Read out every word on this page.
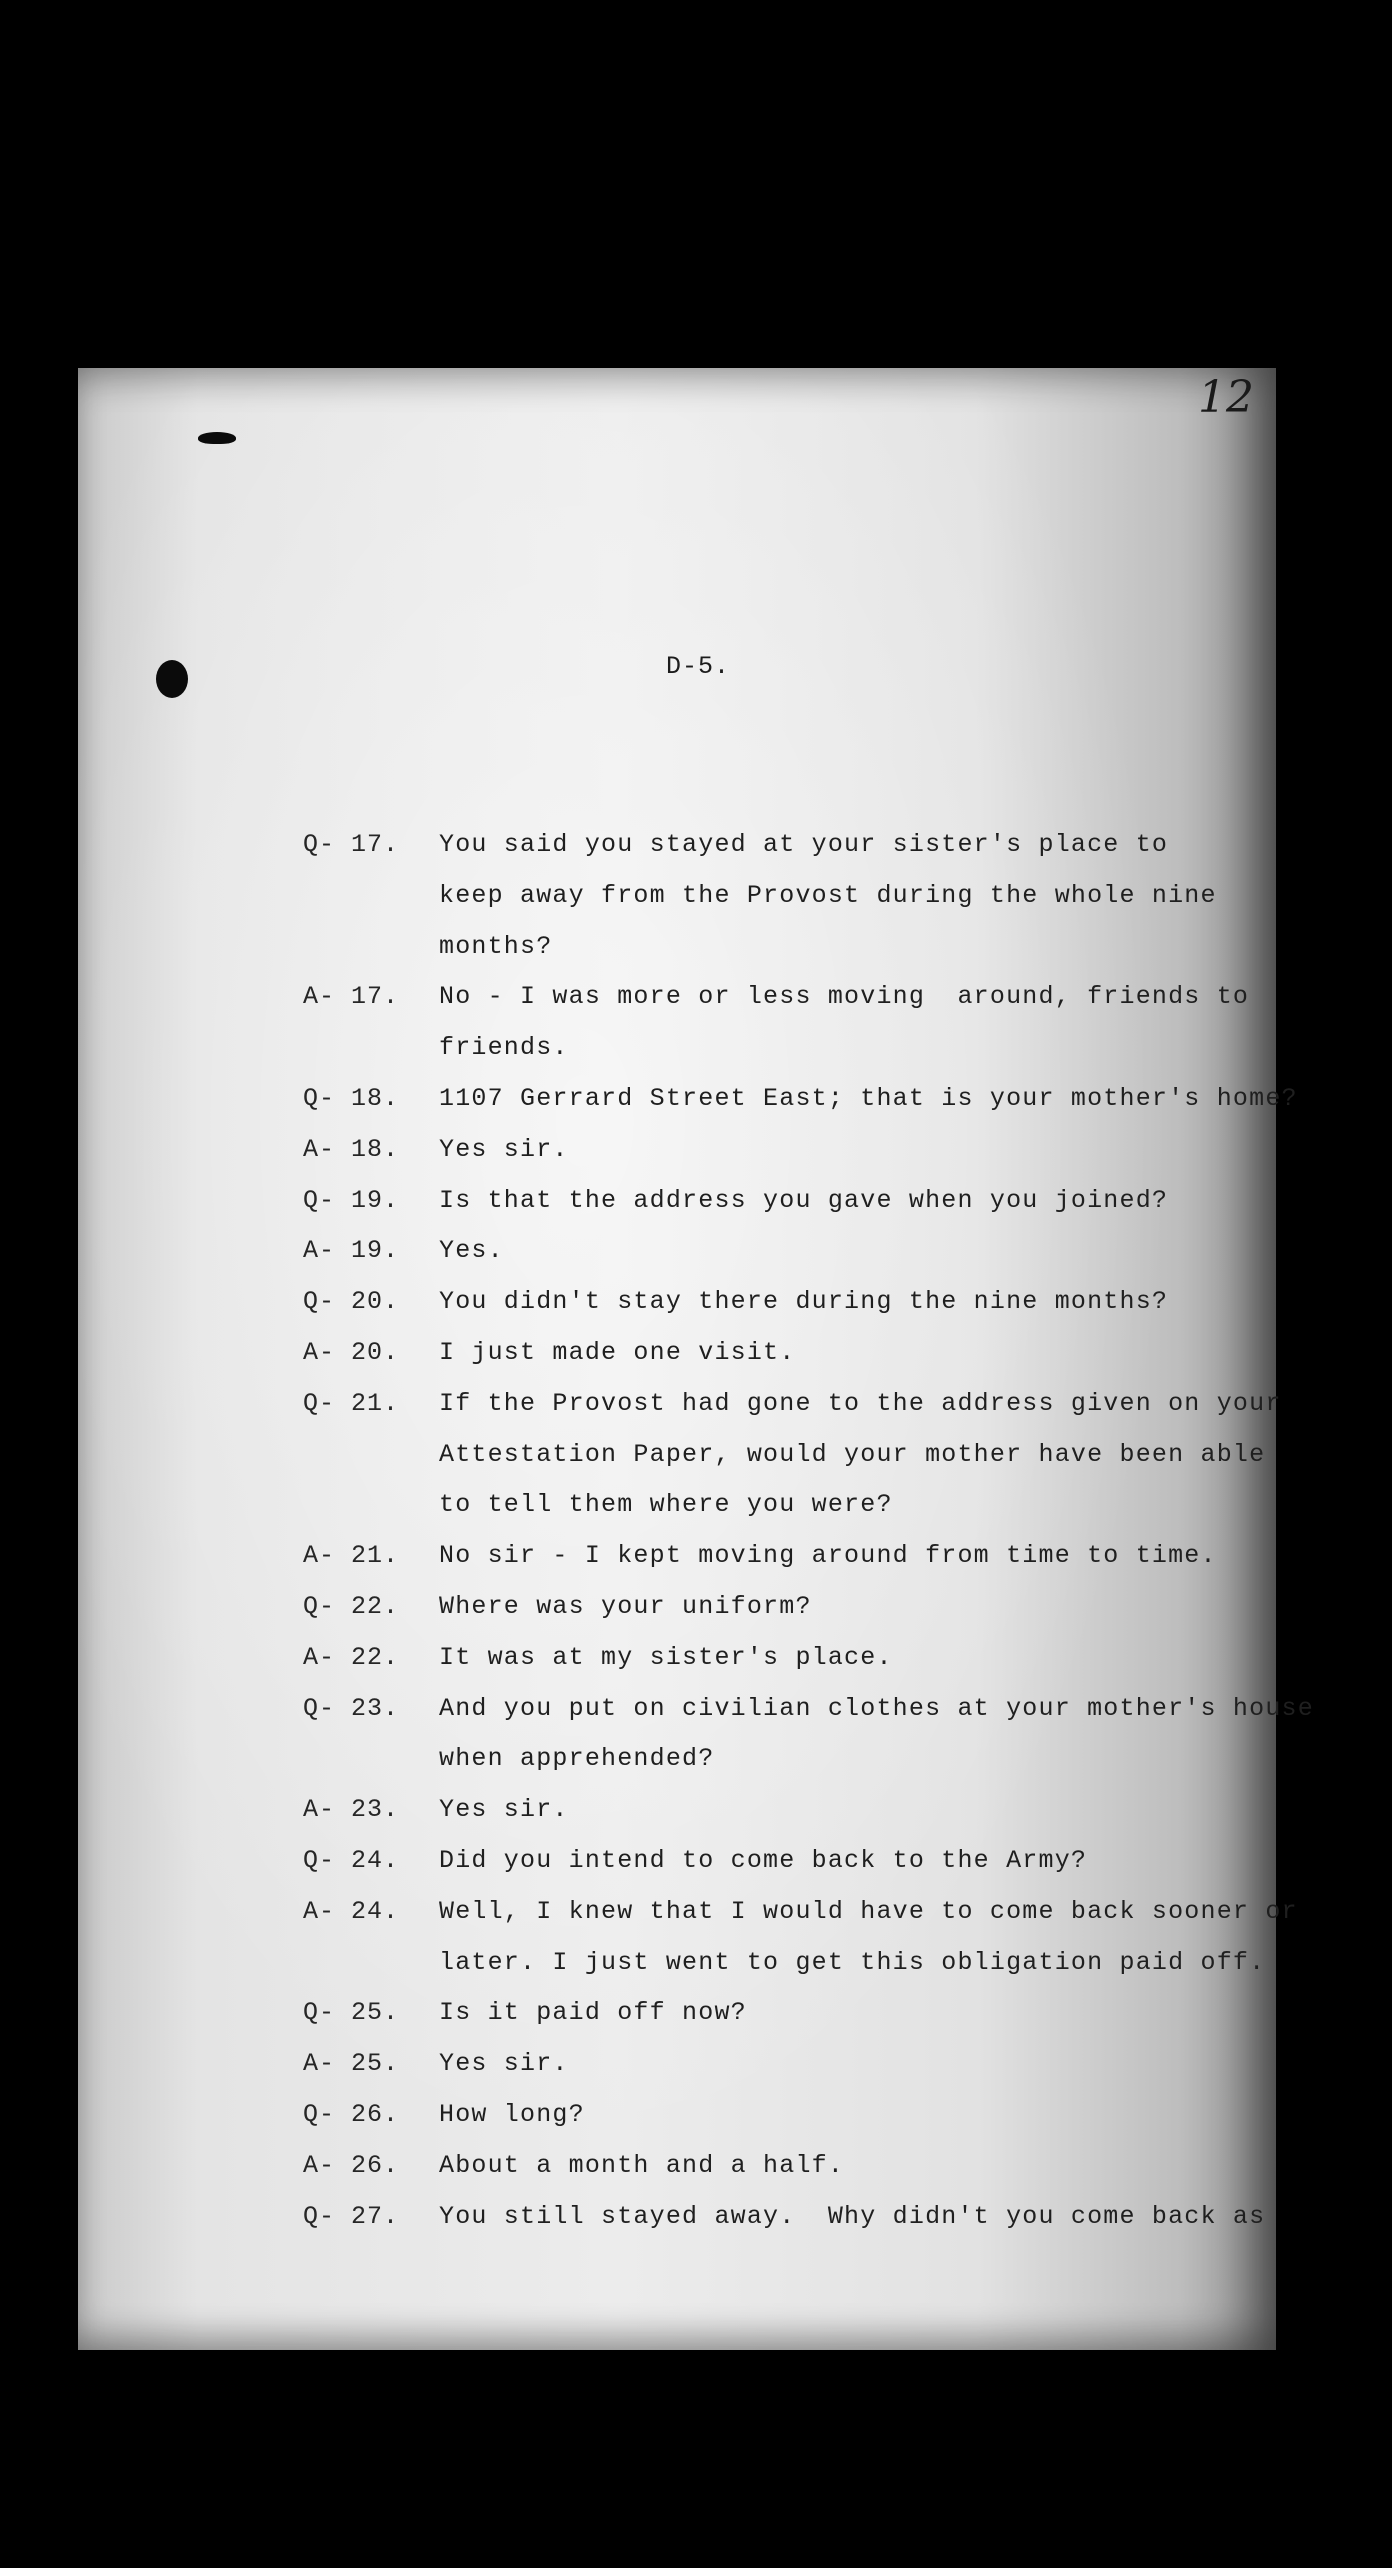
12
D-5.
Q- 17. You said you stayed at your sister's place to
keep away from the Provost during the whole nine
months?
A- 17. No - I was more or less moving  around, friends to
friends.
Q- 18. 1107 Gerrard Street East; that is your mother's home?
A- 18. Yes sir.
Q- 19. Is that the address you gave when you joined?
A- 19. Yes.
Q- 20. You didn't stay there during the nine months?
A- 20. I just made one visit.
Q- 21. If the Provost had gone to the address given on your
Attestation Paper, would your mother have been able
to tell them where you were?
A- 21. No sir - I kept moving around from time to time.
Q- 22. Where was your uniform?
A- 22. It was at my sister's place.
Q- 23. And you put on civilian clothes at your mother's house
when apprehended?
A- 23. Yes sir.
Q- 24. Did you intend to come back to the Army?
A- 24. Well, I knew that I would have to come back sooner or
later. I just went to get this obligation paid off.
Q- 25. Is it paid off now?
A- 25. Yes sir.
Q- 26. How long?
A- 26. About a month and a half.
Q- 27. You still stayed away.  Why didn't you come back as
